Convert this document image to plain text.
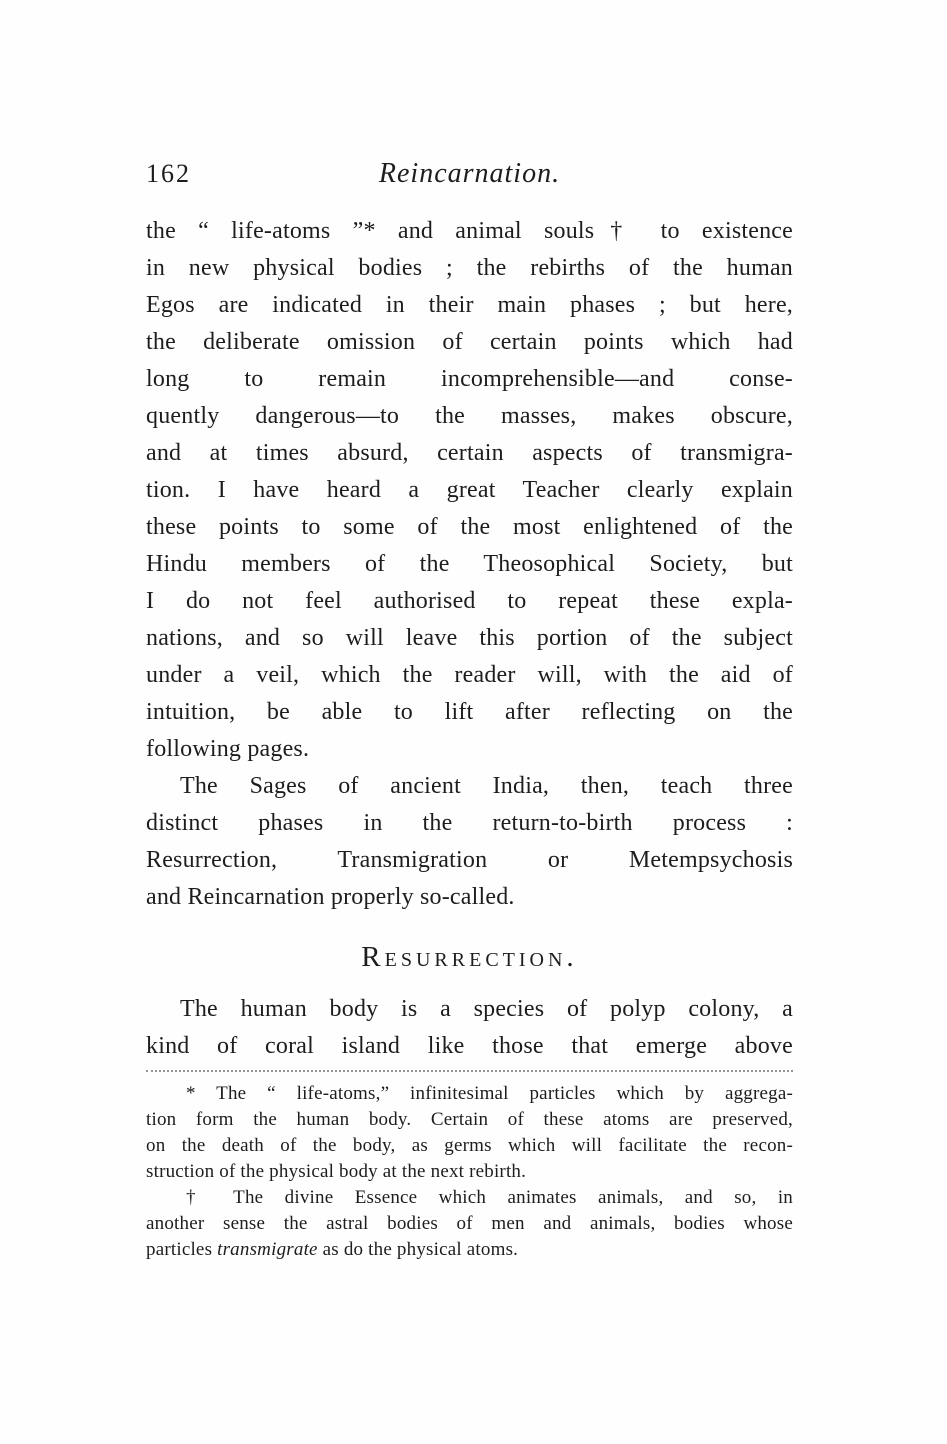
162	Reincarnation.
the “ life-atoms ”* and animal souls† to existence
in new physical bodies ; the rebirths of the human
Egos are indicated in their main phases ; but here,
the deliberate omission of certain points which had
long to remain incomprehensible—and conse-
quently dangerous—to the masses, makes obscure,
and at times absurd, certain aspects of transmigra-
tion. I have heard a great Teacher clearly explain
these points to some of the most enlightened of the
Hindu members of the Theosophical Society, but
I do not feel authorised to repeat these expla-
nations, and so will leave this portion of the subject
under a veil, which the reader will, with the aid of
intuition, be able to lift after reflecting on the
following pages.
The Sages of ancient India, then, teach three
distinct phases in the return-to-birth process :
Resurrection, Transmigration or Metempsychosis
and Reincarnation properly so-called.
Resurrection.
The human body is a species of polyp colony, a
kind of coral island like those that emerge above
* The “ life-atoms,” infinitesimal particles which by aggrega-
tion form the human body. Certain of these atoms are preserved,
on the death of the body, as germs which will facilitate the recon-
struction of the physical body at the next rebirth.
† The divine Essence which animates animals, and so, in
another sense the astral bodies of men and animals, bodies whose
particles transmigrate as do the physical atoms.
